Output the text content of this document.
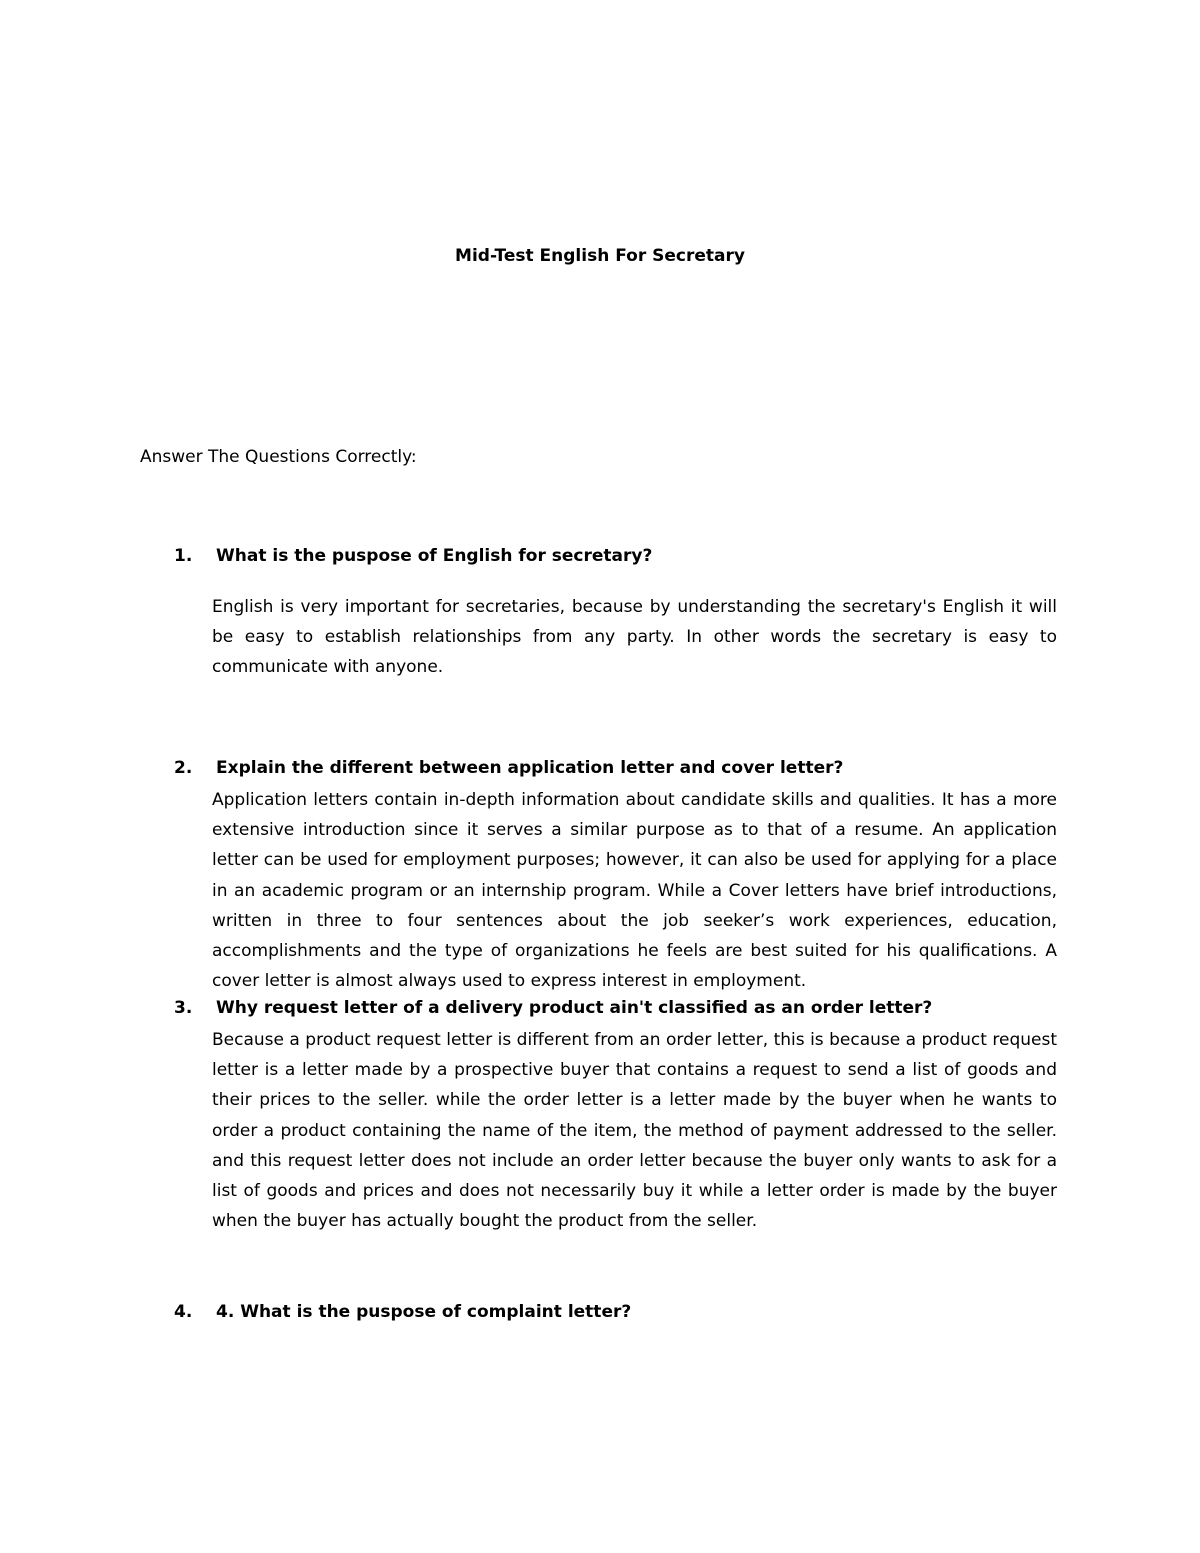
Mid-Test English For Secretary
Answer The Questions Correctly:
1. What is the puspose of English for secretary?
English is very important for secretaries, because by understanding the secretary's English it will be easy to establish relationships from any party. In other words the secretary is easy to communicate with anyone.
2. Explain the different between application letter and cover letter?
Application letters contain in-depth information about candidate skills and qualities. It has a more extensive introduction since it serves a similar purpose as to that of a resume. An application letter can be used for employment purposes; however, it can also be used for applying for a place in an academic program or an internship program. While a Cover letters have brief introductions, written in three to four sentences about the job seeker’s work experiences, education, accomplishments and the type of organizations he feels are best suited for his qualifications. A cover letter is almost always used to express interest in employment.
3. Why request letter of a delivery product ain't classified as an order letter?
Because a product request letter is different from an order letter, this is because a product request letter is a letter made by a prospective buyer that contains a request to send a list of goods and their prices to the seller. while the order letter is a letter made by the buyer when he wants to order a product containing the name of the item, the method of payment addressed to the seller. and this request letter does not include an order letter because the buyer only wants to ask for a list of goods and prices and does not necessarily buy it while a letter order is made by the buyer when the buyer has actually bought the product from the seller.
4. 4. What is the puspose of complaint letter?
